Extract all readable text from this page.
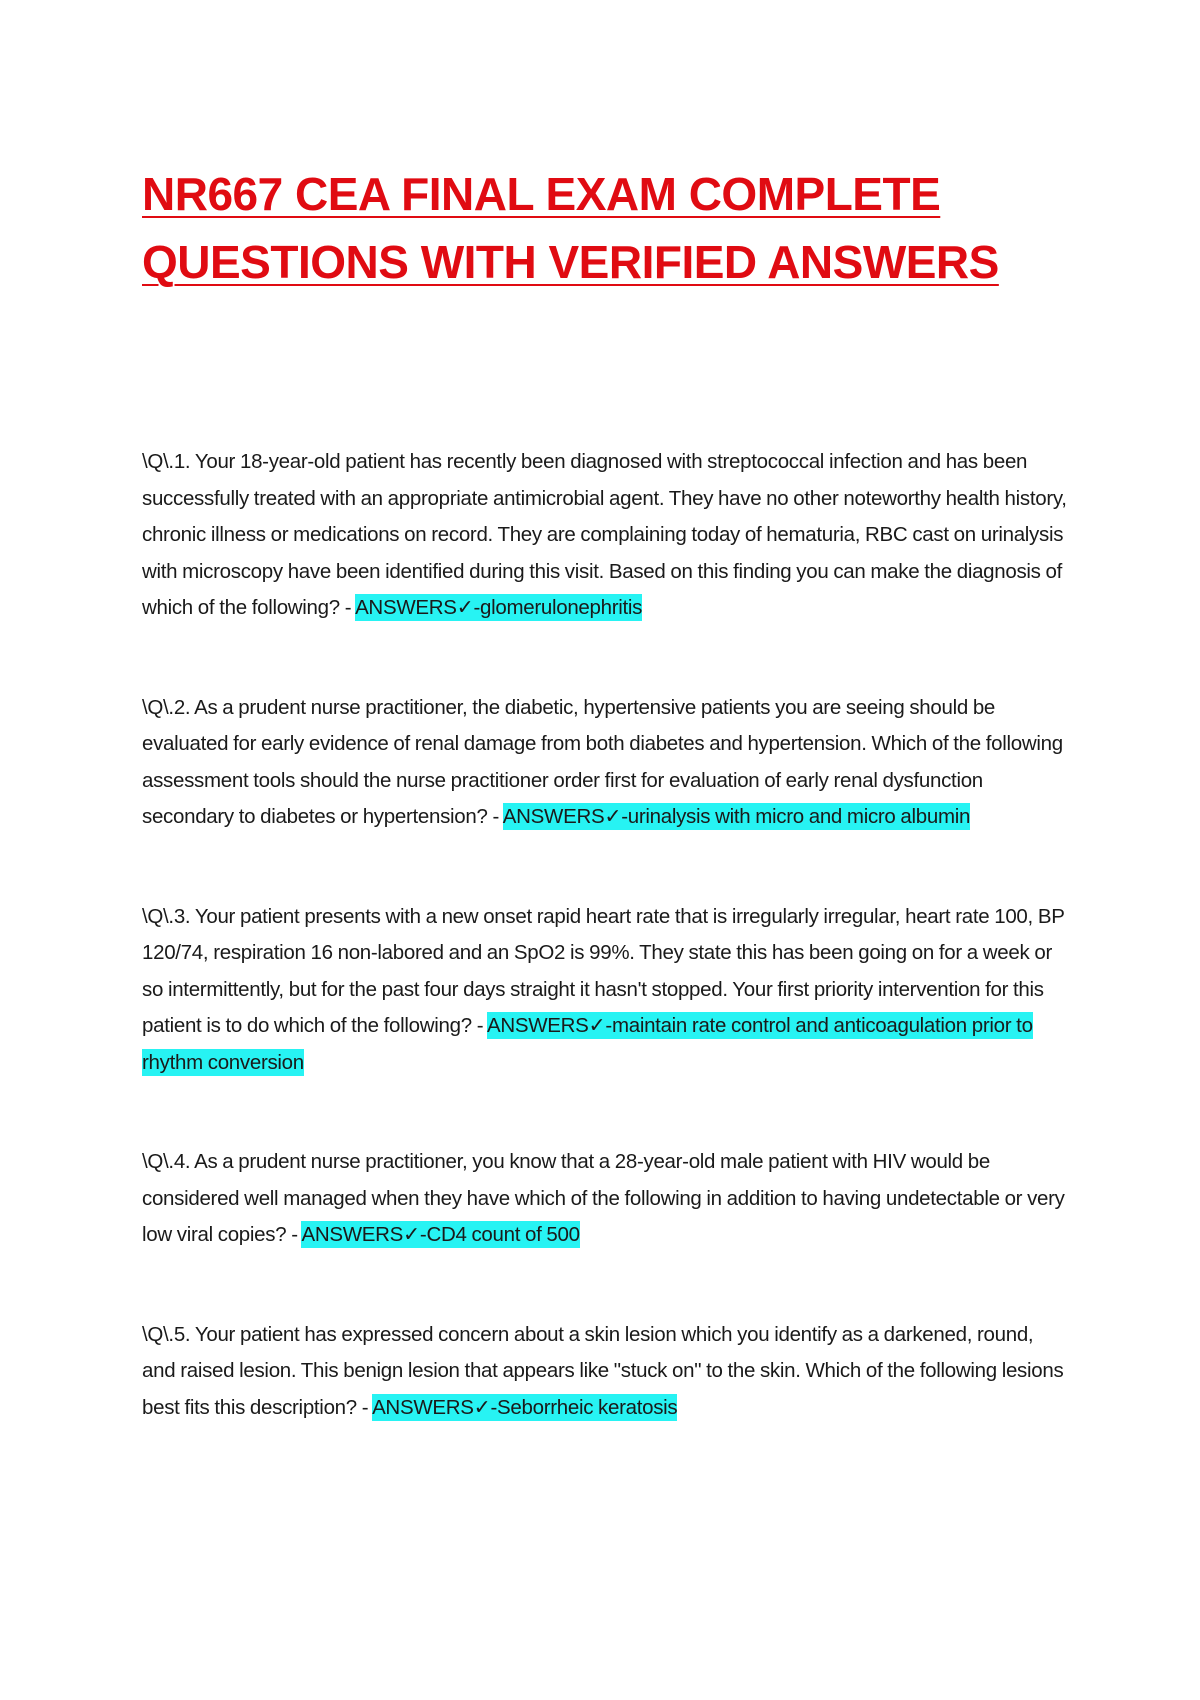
NR667 CEA FINAL EXAM COMPLETE
QUESTIONS WITH VERIFIED ANSWERS

\Q\.1. Your 18-year-old patient has recently been diagnosed with streptococcal infection and has been successfully treated with an appropriate antimicrobial agent. They have no other noteworthy health history, chronic illness or medications on record. They are complaining today of hematuria, RBC cast on urinalysis with microscopy have been identified during this visit. Based on this finding you can make the diagnosis of which of the following? - ANSWERS✓-glomerulonephritis

\Q\.2. As a prudent nurse practitioner, the diabetic, hypertensive patients you are seeing should be evaluated for early evidence of renal damage from both diabetes and hypertension. Which of the following assessment tools should the nurse practitioner order first for evaluation of early renal dysfunction secondary to diabetes or hypertension? - ANSWERS✓-urinalysis with micro and micro albumin

\Q\.3. Your patient presents with a new onset rapid heart rate that is irregularly irregular, heart rate 100, BP 120/74, respiration 16 non-labored and an SpO2 is 99%. They state this has been going on for a week or so intermittently, but for the past four days straight it hasn't stopped. Your first priority intervention for this patient is to do which of the following? - ANSWERS✓-maintain rate control and anticoagulation prior to rhythm conversion

\Q\.4. As a prudent nurse practitioner, you know that a 28-year-old male patient with HIV would be considered well managed when they have which of the following in addition to having undetectable or very low viral copies? - ANSWERS✓-CD4 count of 500

\Q\.5. Your patient has expressed concern about a skin lesion which you identify as a darkened, round, and raised lesion. This benign lesion that appears like "stuck on" to the skin. Which of the following lesions best fits this description? - ANSWERS✓-Seborrheic keratosis
